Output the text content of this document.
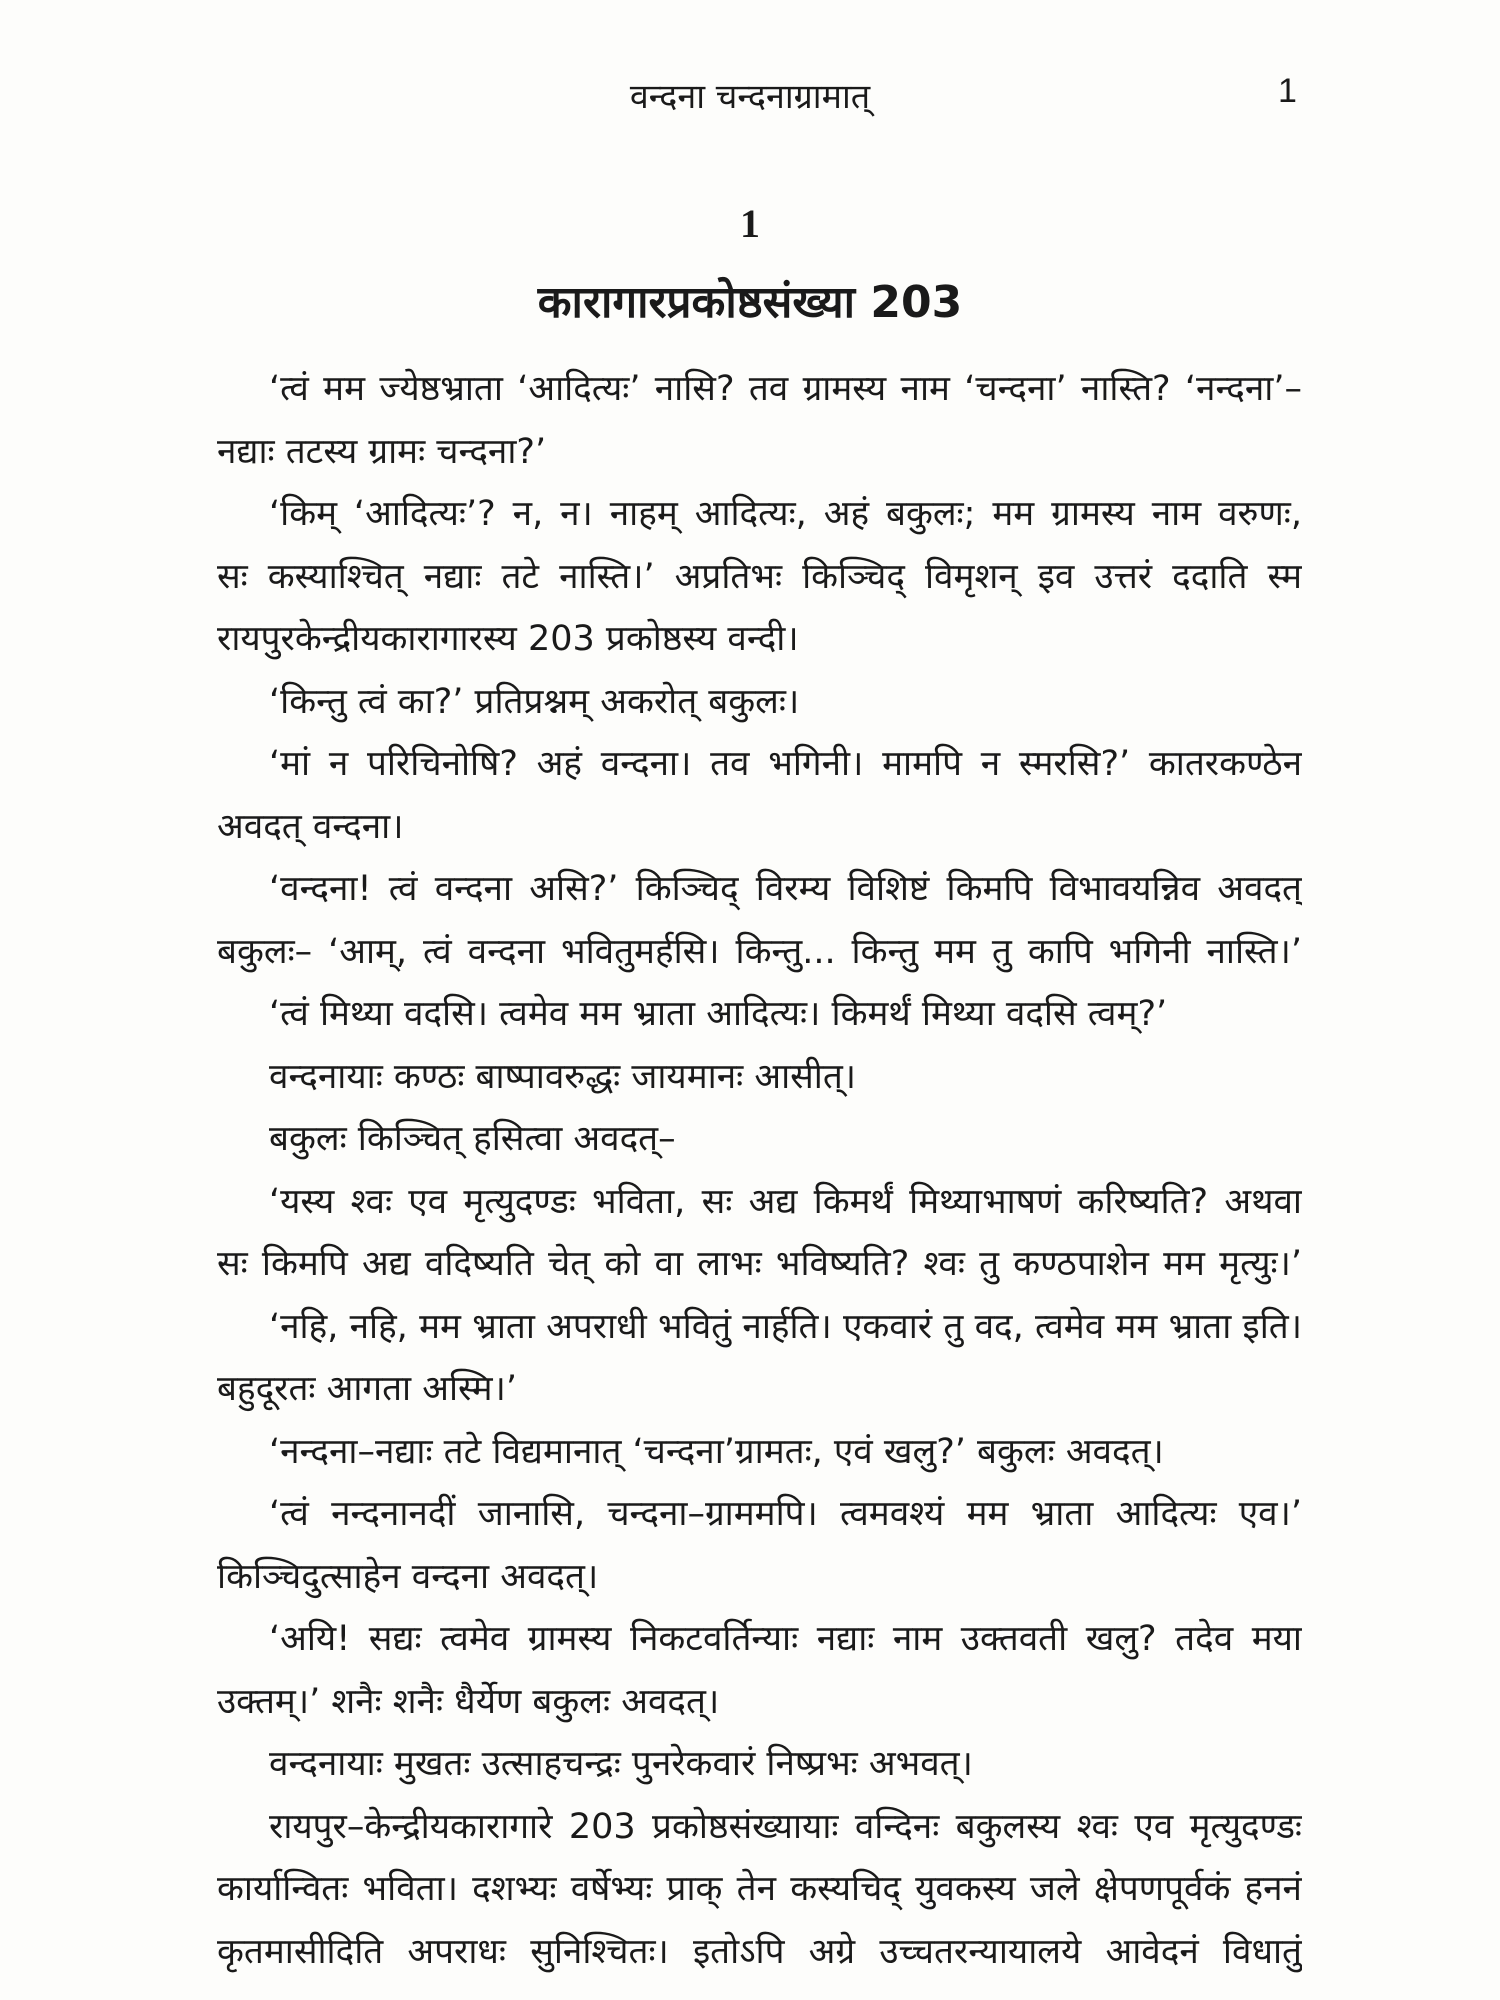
वन्दना चन्दनाग्रामात्	1
1
कारागारप्रकोष्ठसंख्या 203
‘त्वं मम ज्येष्ठभ्राता ‘आदित्यः’ नासि? तव ग्रामस्य नाम ‘चन्दना’ नास्ति? ‘नन्दना’–
नद्याः तटस्य ग्रामः चन्दना?’
‘किम् ‘आदित्यः’? न, न। नाहम् आदित्यः, अहं बकुलः; मम ग्रामस्य नाम वरुणः,
सः कस्याश्चित् नद्याः तटे नास्ति।’ अप्रतिभः किञ्चिद् विमृशन् इव उत्तरं ददाति स्म
रायपुरकेन्द्रीयकारागारस्य 203 प्रकोष्ठस्य वन्दी।
‘किन्तु त्वं का?’ प्रतिप्रश्नम् अकरोत् बकुलः।
‘मां न परिचिनोषि? अहं वन्दना। तव भगिनी। मामपि न स्मरसि?’ कातरकण्ठेन
अवदत् वन्दना।
‘वन्दना! त्वं वन्दना असि?’ किञ्चिद् विरम्य विशिष्टं किमपि विभावयन्निव अवदत्
बकुलः– ‘आम्, त्वं वन्दना भवितुमर्हसि। किन्तु... किन्तु मम तु कापि भगिनी नास्ति।’
‘त्वं मिथ्या वदसि। त्वमेव मम भ्राता आदित्यः। किमर्थं मिथ्या वदसि त्वम्?’
वन्दनायाः कण्ठः बाष्पावरुद्धः जायमानः आसीत्।
बकुलः किञ्चित् हसित्वा अवदत्–
‘यस्य श्वः एव मृत्युदण्डः भविता, सः अद्य किमर्थं मिथ्याभाषणं करिष्यति? अथवा
सः किमपि अद्य वदिष्यति चेत् को वा लाभः भविष्यति? श्वः तु कण्ठपाशेन मम मृत्युः।’
‘नहि, नहि, मम भ्राता अपराधी भवितुं नार्हति। एकवारं तु वद, त्वमेव मम भ्राता इति।
बहुदूरतः आगता अस्मि।’
‘नन्दना–नद्याः तटे विद्यमानात् ‘चन्दना’ग्रामतः, एवं खलु?’ बकुलः अवदत्।
‘त्वं नन्दनानदीं जानासि, चन्दना–ग्राममपि। त्वमवश्यं मम भ्राता आदित्यः एव।’
किञ्चिदुत्साहेन वन्दना अवदत्।
‘अयि! सद्यः त्वमेव ग्रामस्य निकटवर्तिन्याः नद्याः नाम उक्तवती खलु? तदेव मया
उक्तम्।’ शनैः शनैः धैर्येण बकुलः अवदत्।
वन्दनायाः मुखतः उत्साहचन्द्रः पुनरेकवारं निष्प्रभः अभवत्।
रायपुर–केन्द्रीयकारागारे 203 प्रकोष्ठसंख्यायाः वन्दिनः बकुलस्य श्वः एव मृत्युदण्डः
कार्यान्वितः भविता। दशभ्यः वर्षेभ्यः प्राक् तेन कस्यचिद् युवकस्य जले क्षेपणपूर्वकं हननं
कृतमासीदिति अपराधः सुनिश्चितः। इतोऽपि अग्रे उच्चतरन्यायालये आवेदनं विधातुं
